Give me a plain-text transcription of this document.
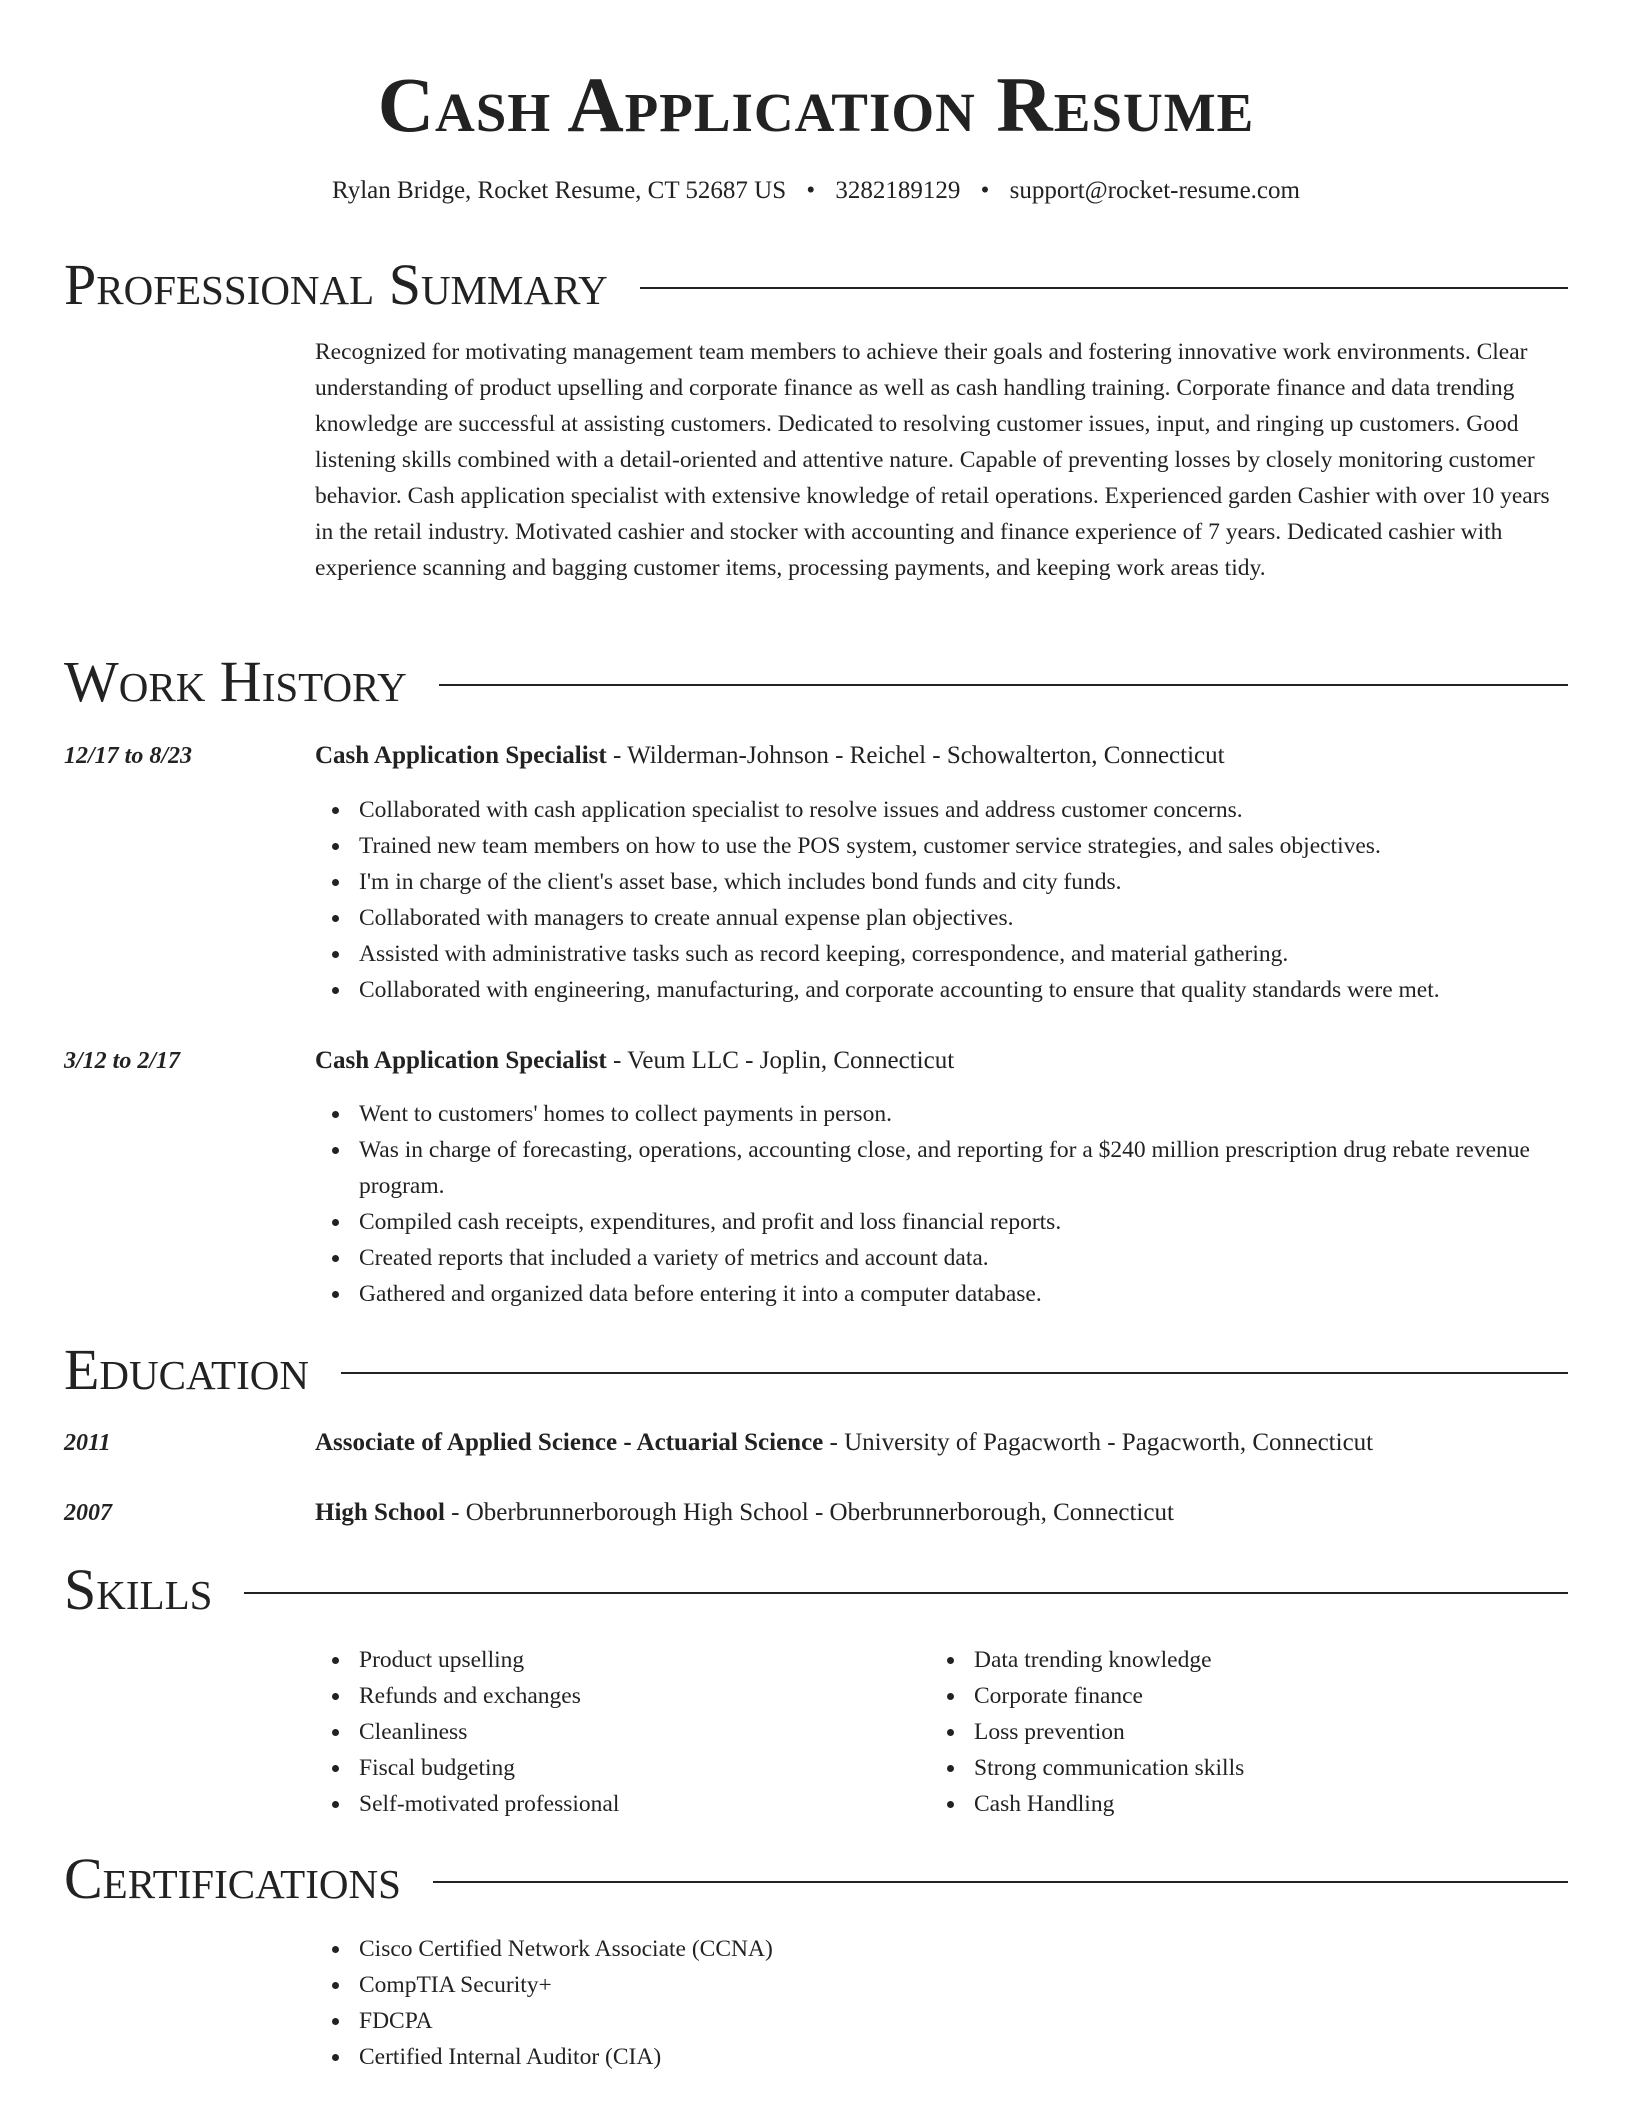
Cash Application Resume
Rylan Bridge, Rocket Resume, CT 52687 US • 3282189129 • support@rocket-resume.com
Professional Summary

Recognized for motivating management team members to achieve their goals and fostering innovative work environments. Clear understanding of product upselling and corporate finance as well as cash handling training. Corporate finance and data trending knowledge are successful at assisting customers. Dedicated to resolving customer issues, input, and ringing up customers. Good listening skills combined with a detail-oriented and attentive nature. Capable of preventing losses by closely monitoring customer behavior. Cash application specialist with extensive knowledge of retail operations. Experienced garden Cashier with over 10 years in the retail industry. Motivated cashier and stocker with accounting and finance experience of 7 years. Dedicated cashier with experience scanning and bagging customer items, processing payments, and keeping work areas tidy.

Work History
12/17 to 8/23	Cash Application Specialist - Wilderman-Johnson - Reichel - Schowalterton, Connecticut
Collaborated with cash application specialist to resolve issues and address customer concerns.
Trained new team members on how to use the POS system, customer service strategies, and sales objectives.
I'm in charge of the client's asset base, which includes bond funds and city funds.
Collaborated with managers to create annual expense plan objectives.
Assisted with administrative tasks such as record keeping, correspondence, and material gathering.
Collaborated with engineering, manufacturing, and corporate accounting to ensure that quality standards were met.
3/12 to 2/17	Cash Application Specialist - Veum LLC - Joplin, Connecticut
Went to customers' homes to collect payments in person.
Was in charge of forecasting, operations, accounting close, and reporting for a $240 million prescription drug rebate revenue program.
Compiled cash receipts, expenditures, and profit and loss financial reports.
Created reports that included a variety of metrics and account data.
Gathered and organized data before entering it into a computer database.
Education
2011	Associate of Applied Science - Actuarial Science - University of Pagacworth - Pagacworth, Connecticut
2007	High School - Oberbrunnerborough High School - Oberbrunnerborough, Connecticut
Skills
Product upselling
Refunds and exchanges
Cleanliness
Fiscal budgeting
Self-motivated professional
Data trending knowledge
Corporate finance
Loss prevention
Strong communication skills
Cash Handling
Certifications
Cisco Certified Network Associate (CCNA)
CompTIA Security+
FDCPA
Certified Internal Auditor (CIA)
